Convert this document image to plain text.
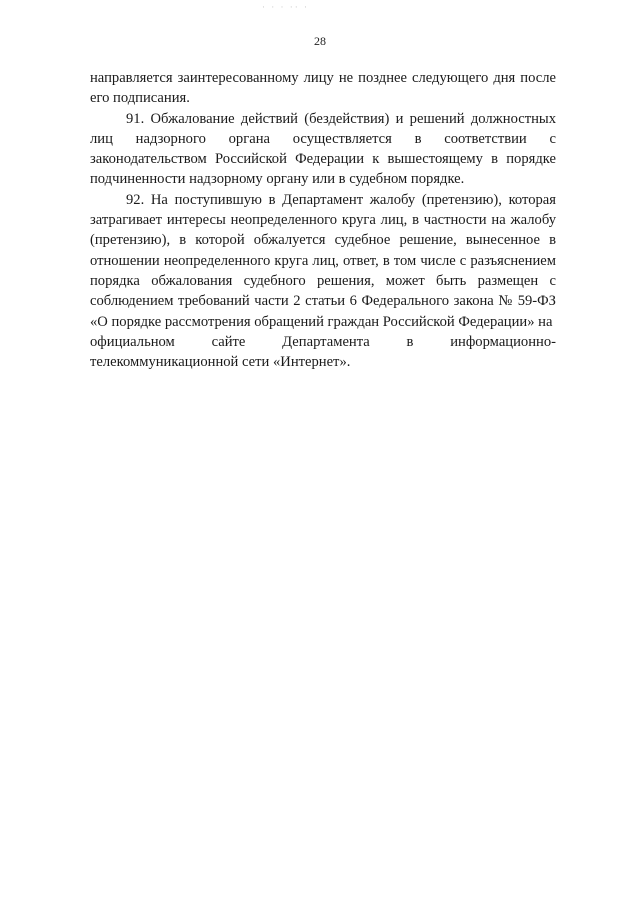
· · · ·· ·
28

направляется заинтересованному лицу не позднее следующего дня после его подписания.

91. Обжалование действий (бездействия) и решений должностных лиц надзорного органа осуществляется в соответствии с законодательством Российской Федерации к вышестоящему в порядке подчиненности надзорному органу или в судебном порядке.

92. На поступившую в Департамент жалобу (претензию), которая затрагивает интересы неопределенного круга лиц, в частности на жалобу (претензию), в которой обжалуется судебное решение, вынесенное в отношении неопределенного круга лиц, ответ, в том числе с разъяснением порядка обжалования судебного решения, может быть размещен с соблюдением требований части 2 статьи 6 Федерального закона № 59-ФЗ «О порядке рассмотрения обращений граждан Российской Федерации» на

официальном	сайте	Департамента	в	информационно-

телекоммуникационной сети «Интернет».
